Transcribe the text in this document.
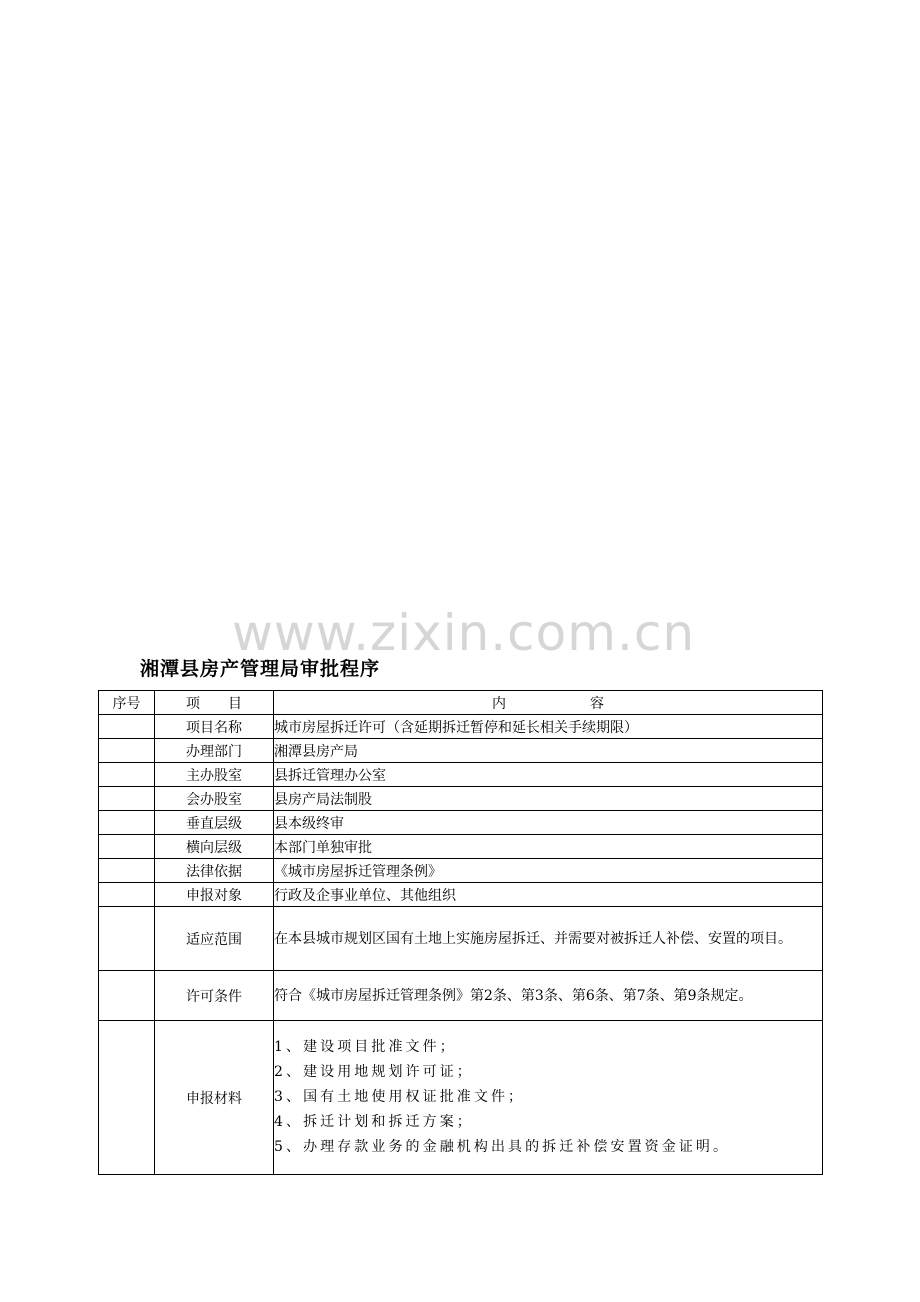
www.zixin.com.cn
湘潭县房产管理局审批程序
序号	项　　目	内　　　　　　容
	项目名称	城市房屋拆迁许可（含延期拆迁暂停和延长相关手续期限）
	办理部门	湘潭县房产局
	主办股室	县拆迁管理办公室
	会办股室	县房产局法制股
	垂直层级	县本级终审
	横向层级	本部门单独审批
	法律依据	《城市房屋拆迁管理条例》
	申报对象	行政及企事业单位、其他组织
	适应范围	在本县城市规划区国有土地上实施房屋拆迁、并需要对被拆迁人补偿、安置的项目。
	许可条件	符合《城市房屋拆迁管理条例》第2条、第3条、第6条、第7条、第9条规定。
	申报材料	1、建设项目批准文件；
2、建设用地规划许可证；
3、国有土地使用权证批准文件；
4、拆迁计划和拆迁方案；
5、办理存款业务的金融机构出具的拆迁补偿安置资金证明。
